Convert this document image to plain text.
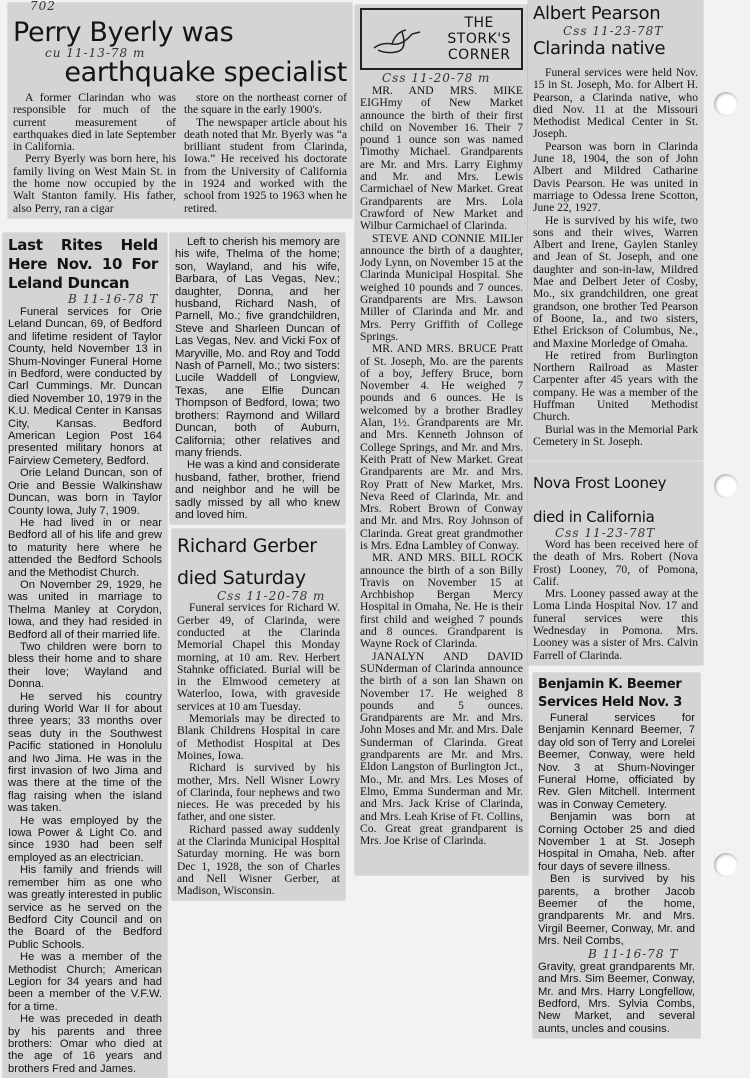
Perry Byerly was
cu 11-13-78 m
earthquake specialist

A former Clarindan who was responsible for much of the current measurement of earthquakes died in late September in California.

Perry Byerly was born here, his family living on West Main St. in the home now occupied by the Walt Stanton family. His father, also Perry, ran a cigar

store on the northeast corner of the square in the early 1900's.

The newspaper article about his death noted that Mr. Byerly was “a brilliant student from Clarinda, Iowa.” He received his doctorate from the University of California in 1924 and worked with the school from 1925 to 1963 when he retired.

702
Last Rites Held Here Nov. 10 For Leland Duncan
B 11-16-78 T

Funeral services for Orie Leland Duncan, 69, of Bedford and lifetime resident of Taylor County, held November 13 in Shum-Novinger Funeral Home in Bedford, were conducted by Carl Cummings. Mr. Duncan died November 10, 1979 in the K.U. Medical Center in Kansas City, Kansas. Bedford American Legion Post 164 presented military honors at Fairview Cemetery, Bedford.

Orie Leland Duncan, son of Orie and Bessie Walkinshaw Duncan, was born in Taylor County Iowa, July 7, 1909.

He had lived in or near Bedford all of his life and grew to maturity here where he attended the Bedford Schools and the Methodist Church.

On November 29, 1929, he was united in marriage to Thelma Manley at Corydon, Iowa, and they had resided in Bedford all of their married life.

Two children were born to bless their home and to share their love; Wayland and Donna.

He served his country during World War II for about three years; 33 months over seas duty in the Southwest Pacific stationed in Honolulu and Iwo Jima. He was in the first invasion of Iwo Jima and was there at the time of the flag raising when the island was taken.

He was employed by the Iowa Power & Light Co. and since 1930 had been self employed as an electrician.

His family and friends will remember him as one who was greatly interested in public service as he served on the Bedford City Council and on the Board of the Bedford Public Schools.

He was a member of the Methodist Church; American Legion for 34 years and had been a member of the V.F.W. for a time.

He was preceded in death by his parents and three brothers: Omar who died at the age of 16 years and brothers Fred and James.

Left to cherish his memory are his wife, Thelma of the home; son, Wayland, and his wife, Barbara, of Las Vegas, Nev.; daughter, Donna, and her husband, Richard Nash, of Parnell, Mo.; five grandchildren, Steve and Sharleen Duncan of Las Vegas, Nev. and Vicki Fox of Maryville, Mo. and Roy and Todd Nash of Parnell, Mo.; two sisters: Lucile Waddell of Longview, Texas, ane Elfie Duncan Thompson of Bedford, Iowa; two brothers: Raymond and Willard Duncan, both of Auburn, California; other relatives and many friends.

He was a kind and considerate husband, father, brother, friend and neighbor and he will be sadly missed by all who knew and loved him.

Richard Gerber
died Saturday
Css 11-20-78 m

Funeral services for Richard W. Gerber 49, of Clarinda, were conducted at the Clarinda Memorial Chapel this Monday morning, at 10 am. Rev. Herbert Stahnke officiated. Burial will be in the Elmwood cemetery at Waterloo, Iowa, with graveside services at 10 am Tuesday.

Memorials may be directed to Blank Childrens Hospital in care of Methodist Hospital at Des Moines, Iowa.

Richard is survived by his mother, Mrs. Nell Wisner Lowry of Clarinda, four nephews and two nieces. He was preceded by his father, and one sister.

Richard passed away suddenly at the Clarinda Municipal Hospital Saturday morning. He was born Dec 1, 1928, the son of Charles and Nell Wisner Gerber, at Madison, Wisconsin.

THE
STORK'S
CORNER
Css 11-20-78 m

MR. AND MRS. MIKE EIGHmy of New Market announce the birth of their first child on November 16. Their 7 pound 1 ounce son was named Timothy Michael. Grandparents are Mr. and Mrs. Larry Eighmy and Mr. and Mrs. Lewis Carmichael of New Market. Great Grandparents are Mrs. Lola Crawford of New Market and Wilbur Carmichael of Clarinda.

STEVE AND CONNIE MILler announce the birth of a daughter, Jody Lynn, on November 15 at the Clarinda Municipal Hospital. She weighed 10 pounds and 7 ounces. Grandparents are Mrs. Lawson Miller of Clarinda and Mr. and Mrs. Perry Griffith of College Springs.

MR. AND MRS. BRUCE Pratt of St. Joseph, Mo. are the parents of a boy, Jeffery Bruce, born November 4. He weighed 7 pounds and 6 ounces. He is welcomed by a brother Bradley Alan, 1½. Grandparents are Mr. and Mrs. Kenneth Johnson of College Springs, and Mr. and Mrs. Keith Pratt of New Market. Great Grandparents are Mr. and Mrs. Roy Pratt of New Market, Mrs. Neva Reed of Clarinda, Mr. and Mrs. Robert Brown of Conway and Mr. and Mrs. Roy Johnson of Clarinda. Great great grandmother is Mrs. Edna Lambley of Conway.

MR. AND MRS. BILL ROCK announce the birth of a son Billy Travis on November 15 at Archbishop Bergan Mercy Hospital in Omaha, Ne. He is their first child and weighed 7 pounds and 8 ounces. Grandparent is Wayne Rock of Clarinda.

JANALYN AND DAVID SUNderman of Clarinda announce the birth of a son Ian Shawn on November 17. He weighed 8 pounds and 5 ounces. Grandparents are Mr. and Mrs. John Moses and Mr. and Mrs. Dale Sunderman of Clarinda. Great grandparents are Mr. and Mrs. Eldon Langston of Burlington Jct., Mo., Mr. and Mrs. Les Moses of Elmo, Emma Sunderman and Mr. and Mrs. Jack Krise of Clarinda, and Mrs. Leah Krise of Ft. Collins, Co. Great great grandparent is Mrs. Joe Krise of Clarinda.

Albert Pearson
Css 11-23-78T
Clarinda native

Funeral services were held Nov. 15 in St. Joseph, Mo. for Albert H. Pearson, a Clarinda native, who died Nov. 11 at the Missouri Methodist Medical Center in St. Joseph.

Pearson was born in Clarinda June 18, 1904, the son of John Albert and Mildred Catharine Davis Pearson. He was united in marriage to Odessa Irene Scotton, June 22, 1927.

He is survived by his wife, two sons and their wives, Warren Albert and Irene, Gaylen Stanley and Jean of St. Joseph, and one daughter and son-in-law, Mildred Mae and Delbert Jeter of Cosby, Mo., six grandchildren, one great grandson, one brother Ted Pearson of Boone, Ia., and two sisters, Ethel Erickson of Columbus, Ne., and Maxine Morledge of Omaha.

He retired from Burlington Northern Railroad as Master Carpenter after 45 years with the company. He was a member of the Huffman United Methodist Church.

Burial was in the Memorial Park Cemetery in St. Joseph.

Nova Frost Looney
died in California
Css 11-23-78T

Word has been received here of the death of Mrs. Robert (Nova Frost) Looney, 70, of Pomona, Calif.

Mrs. Looney passed away at the Loma Linda Hospital Nov. 17 and funeral services were this Wednesday in Pomona. Mrs. Looney was a sister of Mrs. Calvin Farrell of Clarinda.

Benjamin K. Beemer
Services Held Nov. 3

Funeral services for Benjamin Kennard Beemer, 7 day old son of Terry and Lorelei Beemer, Conway, were held Nov. 3 at Shum-Novinger Funeral Home, officiated by Rev. Glen Mitchell. Interment was in Conway Cemetery.

Benjamin was born at Corning October 25 and died November 1 at St. Joseph Hospital in Omaha, Neb. after four days of severe illness.

Ben is survived by his parents, a brother Jacob Beemer of the home, grandparents Mr. and Mrs. Virgil Beemer, Conway, Mr. and Mrs. Neil Combs,

B 11-16-78 T

Gravity, great grandparents Mr. and Mrs. Sim Beemer, Conway, Mr. and Mrs. Harry Longfellow, Bedford, Mrs. Sylvia Combs, New Market, and several aunts, uncles and cousins.
